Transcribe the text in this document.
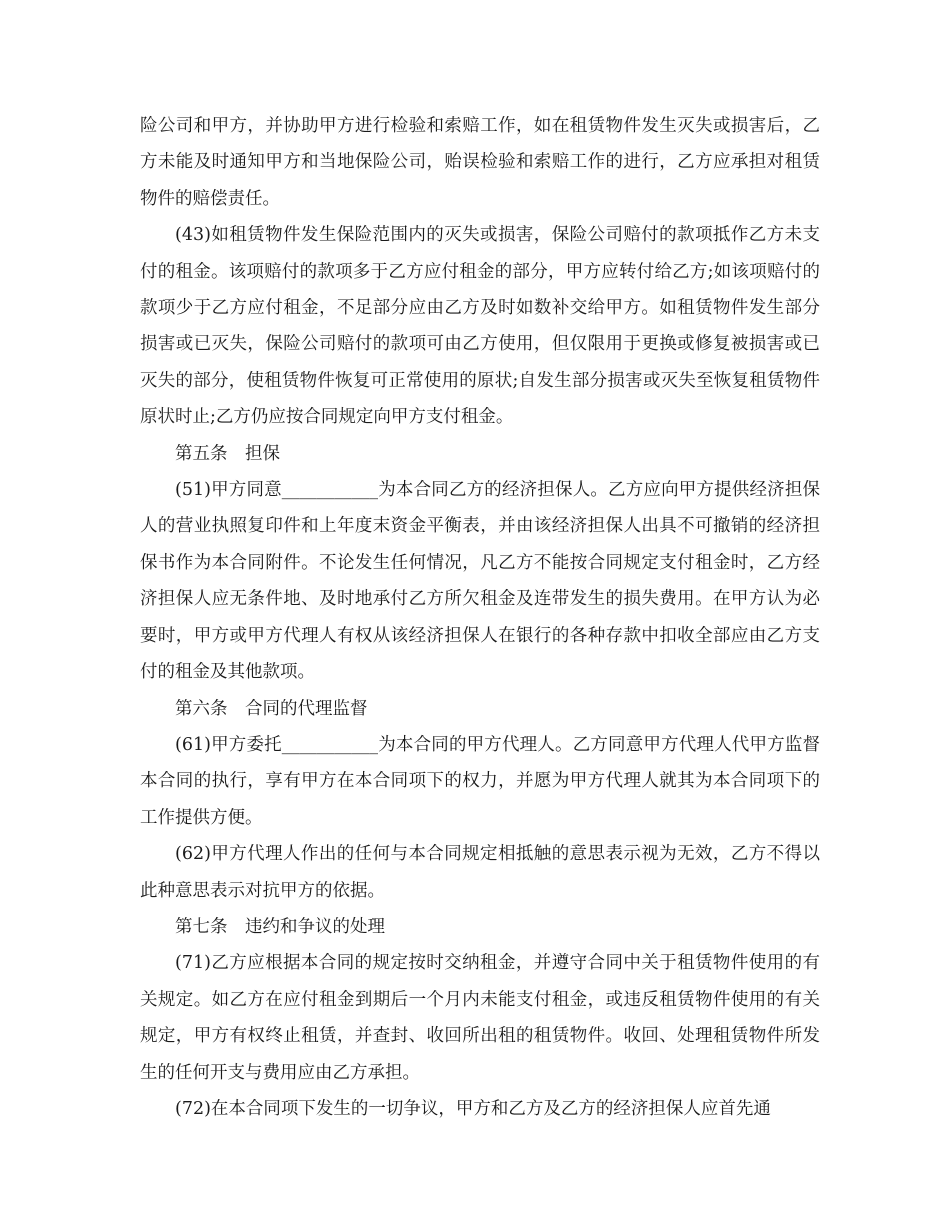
险公司和甲方，并协助甲方进行检验和索赔工作，如在租赁物件发生灭失或损害后，乙方未能及时通知甲方和当地保险公司，贻误检验和索赔工作的进行，乙方应承担对租赁物件的赔偿责任。

(43)如租赁物件发生保险范围内的灭失或损害，保险公司赔付的款项抵作乙方未支付的租金。该项赔付的款项多于乙方应付租金的部分，甲方应转付给乙方;如该项赔付的款项少于乙方应付租金，不足部分应由乙方及时如数补交给甲方。如租赁物件发生部分损害或已灭失，保险公司赔付的款项可由乙方使用，但仅限用于更换或修复被损害或已灭失的部分，使租赁物件恢复可正常使用的原状;自发生部分损害或灭失至恢复租赁物件原状时止;乙方仍应按合同规定向甲方支付租金。

第五条　担保

(51)甲方同意___________为本合同乙方的经济担保人。乙方应向甲方提供经济担保人的营业执照复印件和上年度末资金平衡表，并由该经济担保人出具不可撤销的经济担保书作为本合同附件。不论发生任何情况，凡乙方不能按合同规定支付租金时，乙方经济担保人应无条件地、及时地承付乙方所欠租金及连带发生的损失费用。在甲方认为必要时，甲方或甲方代理人有权从该经济担保人在银行的各种存款中扣收全部应由乙方支付的租金及其他款项。

第六条　合同的代理监督

(61)甲方委托___________为本合同的甲方代理人。乙方同意甲方代理人代甲方监督本合同的执行，享有甲方在本合同项下的权力，并愿为甲方代理人就其为本合同项下的工作提供方便。

(62)甲方代理人作出的任何与本合同规定相抵触的意思表示视为无效，乙方不得以此种意思表示对抗甲方的依据。

第七条　违约和争议的处理

(71)乙方应根据本合同的规定按时交纳租金，并遵守合同中关于租赁物件使用的有关规定。如乙方在应付租金到期后一个月内未能支付租金，或违反租赁物件使用的有关规定，甲方有权终止租赁，并查封、收回所出租的租赁物件。收回、处理租赁物件所发生的任何开支与费用应由乙方承担。

(72)在本合同项下发生的一切争议，甲方和乙方及乙方的经济担保人应首先通
